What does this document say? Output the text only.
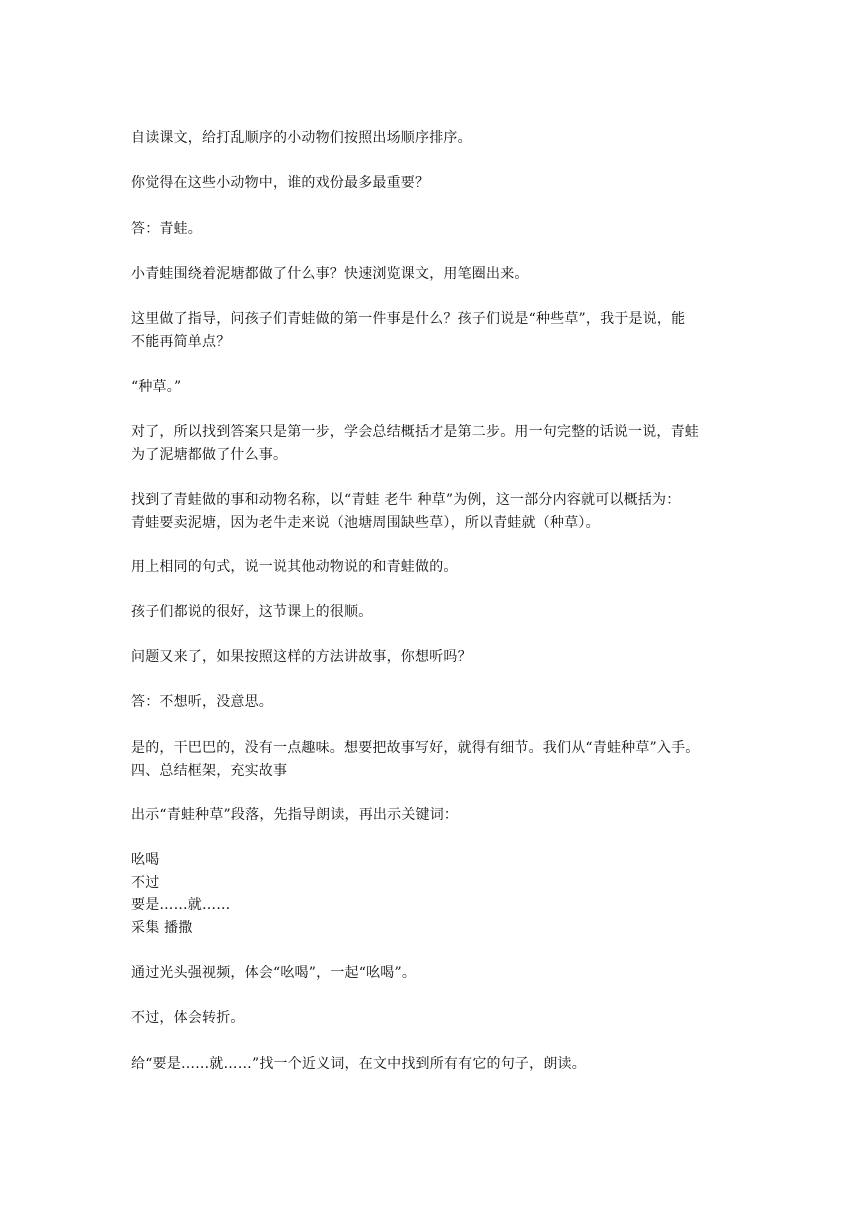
自读课文，给打乱顺序的小动物们按照出场顺序排序。
你觉得在这些小动物中，谁的戏份最多最重要？
答：青蛙。
小青蛙围绕着泥塘都做了什么事？快速浏览课文，用笔圈出来。
这里做了指导，问孩子们青蛙做的第一件事是什么？孩子们说是“种些草”，我于是说，能
不能再简单点？
“种草。”
对了，所以找到答案只是第一步，学会总结概括才是第二步。用一句完整的话说一说，青蛙
为了泥塘都做了什么事。
找到了青蛙做的事和动物名称，以“青蛙 老牛 种草”为例，这一部分内容就可以概括为：
青蛙要卖泥塘，因为老牛走来说（池塘周围缺些草），所以青蛙就（种草）。
用上相同的句式，说一说其他动物说的和青蛙做的。
孩子们都说的很好，这节课上的很顺。
问题又来了，如果按照这样的方法讲故事，你想听吗？
答：不想听，没意思。
是的，干巴巴的，没有一点趣味。想要把故事写好，就得有细节。我们从“青蛙种草”入手。
四、总结框架，充实故事
出示“青蛙种草”段落，先指导朗读，再出示关键词：
吆喝
不过
要是……就……
采集 播撒
通过光头强视频，体会“吆喝”，一起“吆喝”。
不过，体会转折。
给“要是……就……”找一个近义词，在文中找到所有有它的句子，朗读。
